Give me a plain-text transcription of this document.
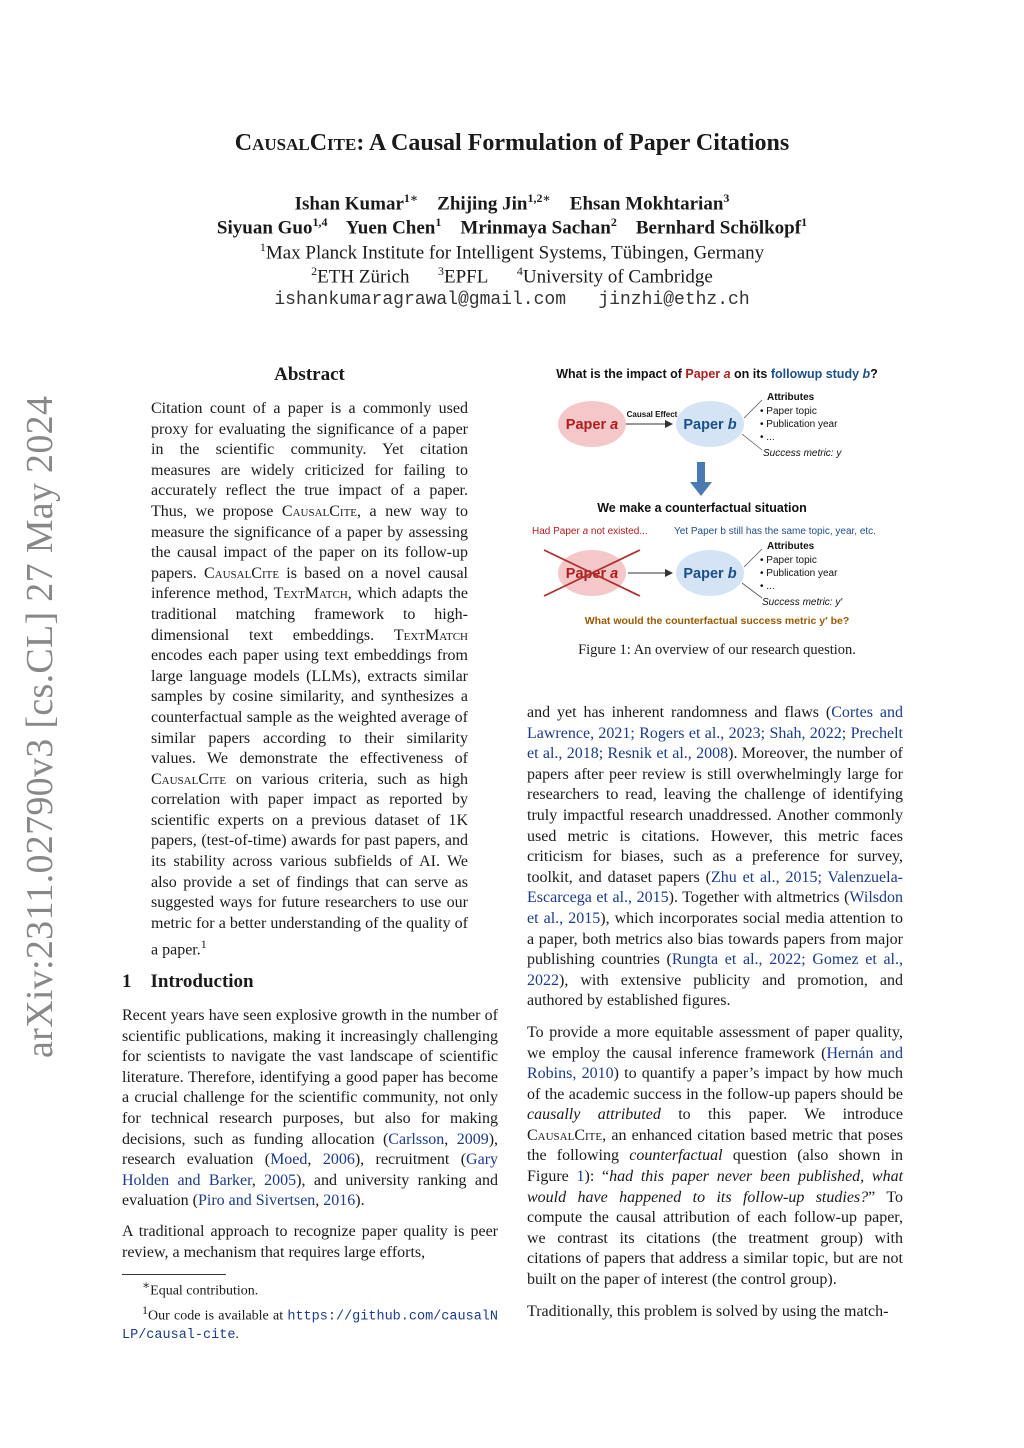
arXiv:2311.02790v3 [cs.CL] 27 May 2024
CausalCite: A Causal Formulation of Paper Citations
Ishan Kumar$^{1∗}$ Zhijing Jin$^{1,2∗}$ Ehsan Mokhtarian$^3$
Siyuan Guo$^{1,4}$ Yuen Chen$^1$ Mrinmaya Sachan$^2$ Bernhard Schölkopf$^1$
$^1$Max Planck Institute for Intelligent Systems, Tübingen, Germany
$^2$ETH Zürich $^3$EPFL $^4$University of Cambridge
ishankumaragrawal@gmail.com jinzhi@ethz.ch
Abstract

Citation count of a paper is a commonly used proxy for evaluating the significance of a paper in the scientific community. Yet citation measures are widely criticized for failing to accurately reflect the true impact of a paper. Thus, we propose CausalCite, a new way to measure the significance of a paper by assessing the causal impact of the paper on its follow-up papers. CausalCite is based on a novel causal inference method, TextMatch, which adapts the traditional matching framework to high-dimensional text embeddings. TextMatch encodes each paper using text embeddings from large language models (LLMs), extracts similar samples by cosine similarity, and synthesizes a counterfactual sample as the weighted average of similar papers according to their similarity values. We demonstrate the effectiveness of CausalCite on various criteria, such as high correlation with paper impact as reported by scientific experts on a previous dataset of 1K papers, (test-of-time) awards for past papers, and its stability across various subfields of AI. We also provide a set of findings that can serve as suggested ways for future researchers to use our metric for a better understanding of the quality of a paper.$^1$

1 Introduction

Recent years have seen explosive growth in the number of scientific publications, making it increasingly challenging for scientists to navigate the vast landscape of scientific literature. Therefore, identifying a good paper has become a crucial challenge for the scientific community, not only for technical research purposes, but also for making decisions, such as funding allocation (Carlsson, 2009), research evaluation (Moed, 2006), recruitment (Gary Holden and Barker, 2005), and university ranking and evaluation (Piro and Sivertsen, 2016).

A traditional approach to recognize paper quality is peer review, a mechanism that requires large efforts,

∗Equal contribution.
$^1$Our code is available at https://github.com/causalNLP/causal-cite.
What is the impact of Paper a on its followup study b?
Paper a
Causal Effect
Paper b
Attributes
• Paper topic
• Publication year
• ...
Success metric: y
We make a counterfactual situation
Had Paper a not existed...	Yet Paper b still has the same topic, year, etc.
Paper a	Paper b
Attributes
• Paper topic
• Publication year
• ...
Success metric: y′
What would the counterfactual success metric y′ be?
Figure 1: An overview of our research question.

and yet has inherent randomness and flaws (Cortes and Lawrence, 2021; Rogers et al., 2023; Shah, 2022; Prechelt et al., 2018; Resnik et al., 2008). Moreover, the number of papers after peer review is still overwhelmingly large for researchers to read, leaving the challenge of identifying truly impactful research unaddressed. Another commonly used metric is citations. However, this metric faces criticism for biases, such as a preference for survey, toolkit, and dataset papers (Zhu et al., 2015; Valenzuela-Escarcega et al., 2015). Together with altmetrics (Wilsdon et al., 2015), which incorporates social media attention to a paper, both metrics also bias towards papers from major publishing countries (Rungta et al., 2022; Gomez et al., 2022), with extensive publicity and promotion, and authored by established figures.

To provide a more equitable assessment of paper quality, we employ the causal inference framework (Hernán and Robins, 2010) to quantify a paper’s impact by how much of the academic success in the follow-up papers should be causally attributed to this paper. We introduce CausalCite, an enhanced citation based metric that poses the following counterfactual question (also shown in Figure 1): “had this paper never been published, what would have happened to its follow-up studies?” To compute the causal attribution of each follow-up paper, we contrast its citations (the treatment group) with citations of papers that address a similar topic, but are not built on the paper of interest (the control group).

Traditionally, this problem is solved by using the match-
